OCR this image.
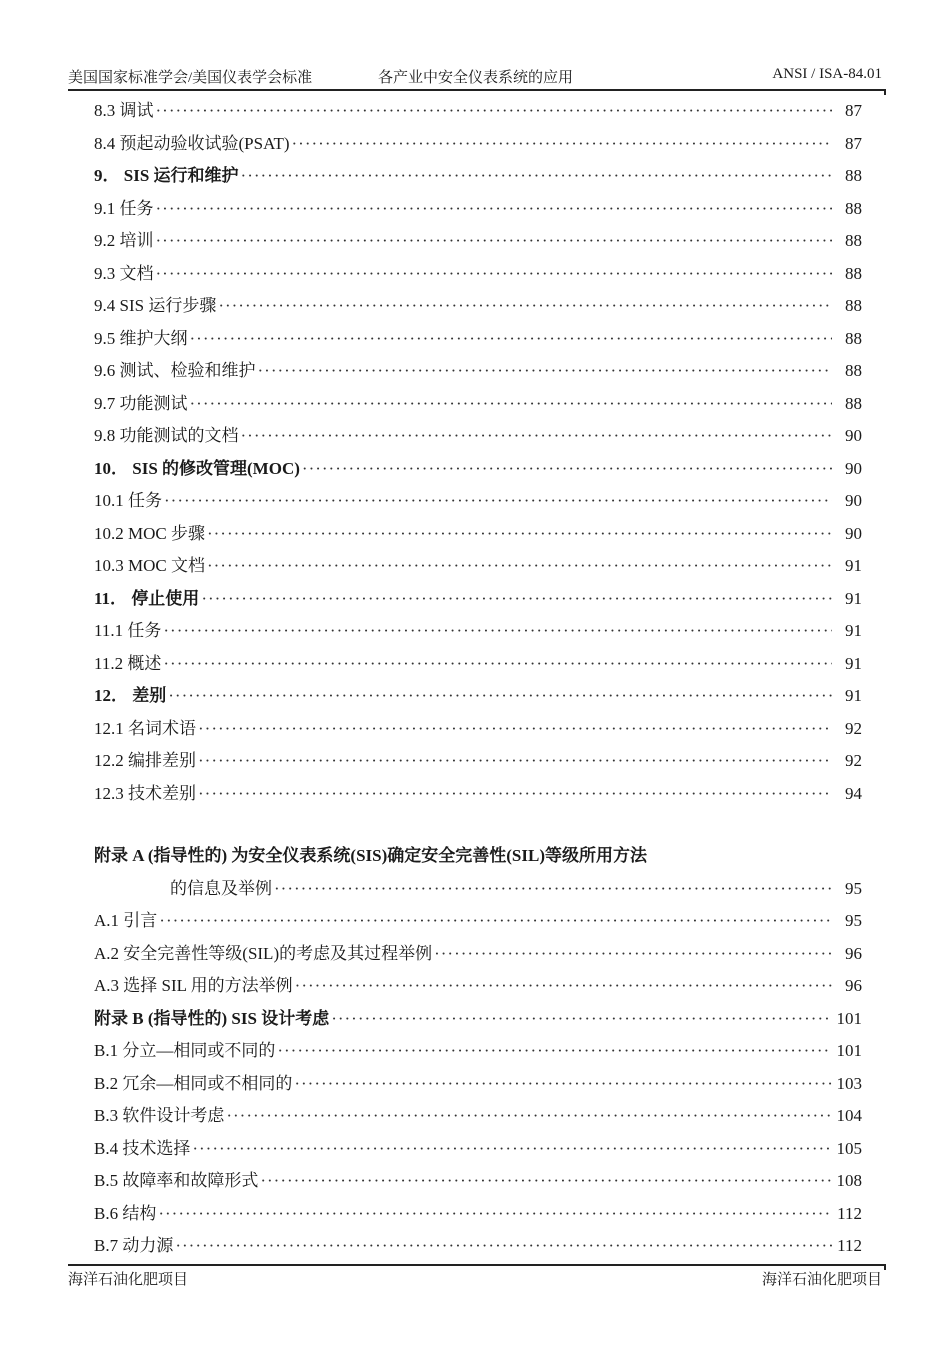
美国国家标准学会/美国仪表学会标准	各产业中安全仪表系统的应用	ANSI / ISA-84.01
8.3 调试 ·····	87
8.4 预起动验收试验(PSAT) ·····	87
9． SIS 运行和维护 ·····	88
9.1 任务 ·····	88
9.2 培训 ·····	88
9.3 文档 ·····	88
9.4 SIS 运行步骤 ·····	88
9.5 维护大纲 ·····	88
9.6 测试、检验和维护 ·····	88
9.7 功能测试 ·····	88
9.8 功能测试的文档 ·····	90
10． SIS 的修改管理(MOC) ·····	90
10.1 任务 ·····	90
10.2 MOC 步骤 ·····	90
10.3 MOC 文档 ·····	91
11． 停止使用 ·····	91
11.1 任务 ·····	91
11.2 概述 ·····	91
12． 差别 ·····	91
12.1 名词术语 ·····	92
12.2 编排差别 ·····	92
12.3 技术差别 ·····	94
附录 A (指导性的) 为安全仪表系统(SIS)确定安全完善性(SIL)等级所用方法
的信息及举例 ·····	95
A.1 引言 ·····	95
A.2 安全完善性等级(SIL)的考虑及其过程举例 ·····	96
A.3 选择 SIL 用的方法举例 ·····	96
附录 B (指导性的) SIS 设计考虑 ·····	101
B.1 分立—相同或不同的 ·····	101
B.2 冗余—相同或不相同的 ·····	103
B.3 软件设计考虑 ·····	104
B.4 技术选择 ·····	105
B.5 故障率和故障形式 ·····	108
B.6 结构 ·····	112
B.7 动力源 ·····	112
海洋石油化肥项目	海洋石油化肥项目
